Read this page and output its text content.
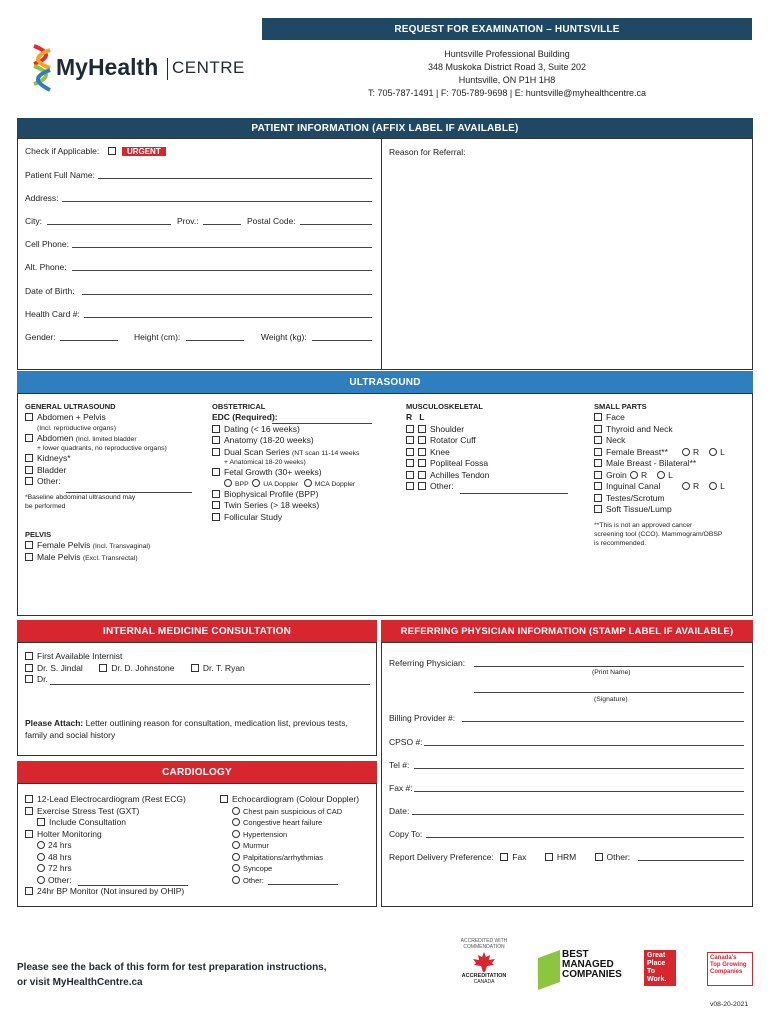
MyHealth CENTRE
REQUEST FOR EXAMINATION – HUNTSVILLE
Huntsville Professional Building
348 Muskoka District Road 3, Suite 202
Huntsville, ON P1H 1H8
T: 705-787-1491 | F: 705-789-9698 | E: huntsville@myhealthcentre.ca
PATIENT INFORMATION (AFFIX LABEL IF AVAILABLE)
Check if Applicable:	URGENT	Reason for Referral:
Patient Full Name:
Address:
City:	Prov.:	Postal Code:
Cell Phone:
Alt. Phone:
Date of Birth:
Health Card #:
Gender:	Height (cm):	Weight (kg):
ULTRASOUND
GENERAL ULTRASOUND
Abdomen + Pelvis
(Incl. reproductive organs)
Abdomen (Incl. limited bladder
+ lower quadrants, no reproductive organs)
Kidneys*
Bladder
Other:
*Baseline abdominal ultrasound may
be performed
PELVIS
Female Pelvis (Incl. Transvaginal)
Male Pelvis (Excl. Transrectal)
OBSTETRICAL
EDC (Required):
Dating (< 16 weeks)
Anatomy (18-20 weeks)
Dual Scan Series (NT scan 11-14 weeks
+ Anatomical 18-20 weeks)
Fetal Growth (30+ weeks)
BPP UA Doppler MCA Doppler
Biophysical Profile (BPP)
Twin Series (> 18 weeks)
Follicular Study
MUSCULOSKELETAL
R   L
Shoulder
Rotator Cuff
Knee
Popliteal Fossa
Achilles Tendon
Other:
SMALL PARTS
Face
Thyroid and Neck
Neck
Female Breast**	R L
Male Breast - Bilateral**
Groin	R L
Inguinal Canal	R L
Testes/Scrotum
Soft Tissue/Lump
**This is not an approved cancer
screening tool (CCO). Mammogram/OBSP
is recommended.
INTERNAL MEDICINE CONSULTATION
First Available Internist
Dr. S. Jindal	Dr. D. Johnstone	Dr. T. Ryan
Dr.
Please Attach: Letter outlining reason for consultation, medication list, previous tests,
family and social history
CARDIOLOGY
12-Lead Electrocardiogram (Rest ECG)
Exercise Stress Test (GXT)
Include Consultation
Holter Monitoring
24 hrs
48 hrs
72 hrs
Other:
24hr BP Monitor (Not insured by OHIP)
Echocardiogram (Colour Doppler)
Chest pain suspicious of CAD
Congestive heart failure
Hypertension
Murmur
Palpitations/arrhythmias
Syncope
Other:
REFERRING PHYSICIAN INFORMATION (STAMP LABEL IF AVAILABLE)
Referring Physician:
(Print Name)
(Signature)
Billing Provider #:
CPSO #:
Tel #:
Fax #:
Date:
Copy To:
Report Delivery Preference: Fax	HRM	Other:
Please see the back of this form for test preparation instructions,
or visit MyHealthCentre.ca
ACCREDITED WITH
COMMENDATION
ACCREDITATION
CANADA
BEST
MANAGED
COMPANIES
Great
Place
To
Work.
Canada's
Top Growing
Companies
v08-20-2021
